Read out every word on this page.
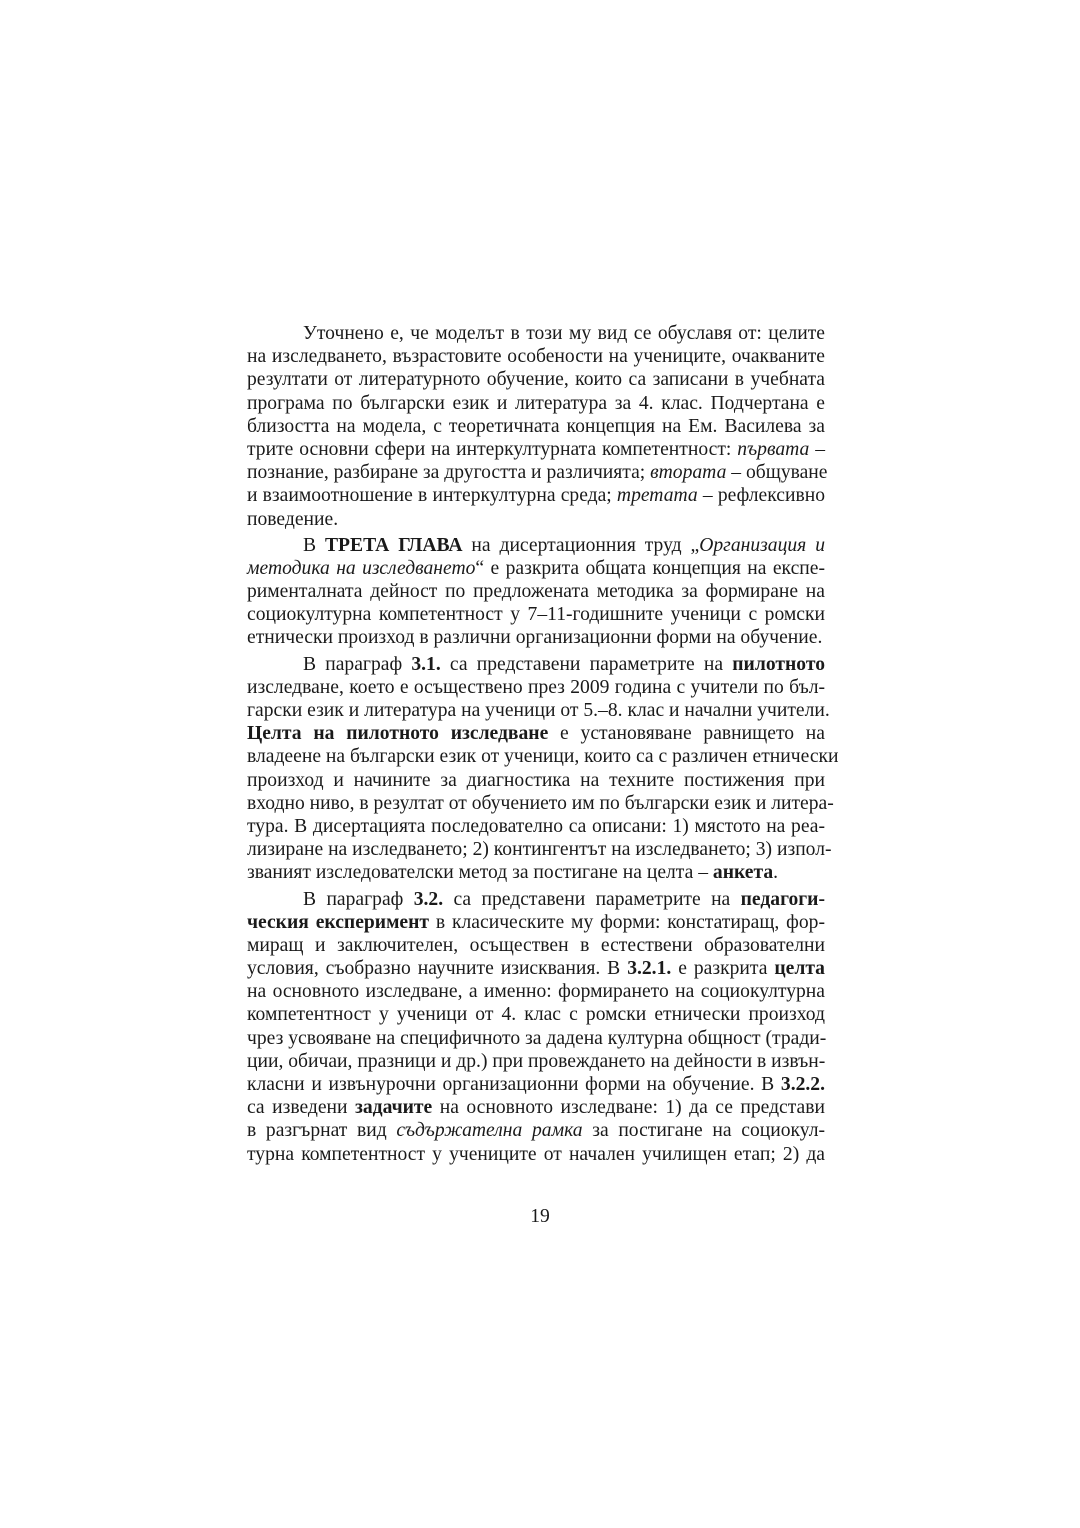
Уточнено е, че моделът в този му вид се обуславя от: целите
на изследването, възрастовите особености на учениците, очакваните
резултати от литературното обучение, които са записани в учебната
програма по български език и литература за 4. клас. Подчертана е
близостта на модела, с теоретичната концепция на Ем. Василева за
трите основни сфери на интеркултурната компетентност: първата –
познание, разбиране за другостта и различията; втората – общуване
и взаимоотношение в интеркултурна среда; третата – рефлексивно
поведение.
В ТРЕТА ГЛАВА на дисертационния труд „Организация и
методика на изследването“ е разкрита общата концепция на експе-
рименталната дейност по предложената методика за формиране на
социокултурна компетентност у 7–11-годишните ученици с ромски
етнически произход в различни организационни форми на обучение.
В параграф 3.1. са представени параметрите на пилотното
изследване, което е осъществено през 2009 година с учители по бъл-
гарски език и литература на ученици от 5.–8. клас и начални учители.
Целта на пилотното изследване е установяване равнището на
владеене на български език от ученици, които са с различен етнически
произход и начините за диагностика на техните постижения при
входно ниво, в резултат от обучението им по български език и литера-
тура. В дисертацията последователно са описани: 1) мястото на реа-
лизиране на изследването; 2) контингентът на изследването; 3) изпол-
званият изследователски метод за постигане на целта – анкета.
В параграф 3.2. са представени параметрите на педагоги-
ческия експеримент в класическите му форми: констатиращ, фор-
миращ и заключителен, осъществен в естествени образователни
условия, съобразно научните изисквания. В 3.2.1. е разкрита целта
на основното изследване, а именно: формирането на социокултурна
компетентност у ученици от 4. клас с ромски етнически произход
чрез усвояване на специфичното за дадена културна общност (тради-
ции, обичаи, празници и др.) при провеждането на дейности в извън-
класни и извънурочни организационни форми на обучение. В 3.2.2.
са изведени задачите на основното изследване: 1) да се представи
в разгърнат вид съдържателна рамка за постигане на социокул-
турна компетентност у учениците от начален училищен етап; 2) да
19
